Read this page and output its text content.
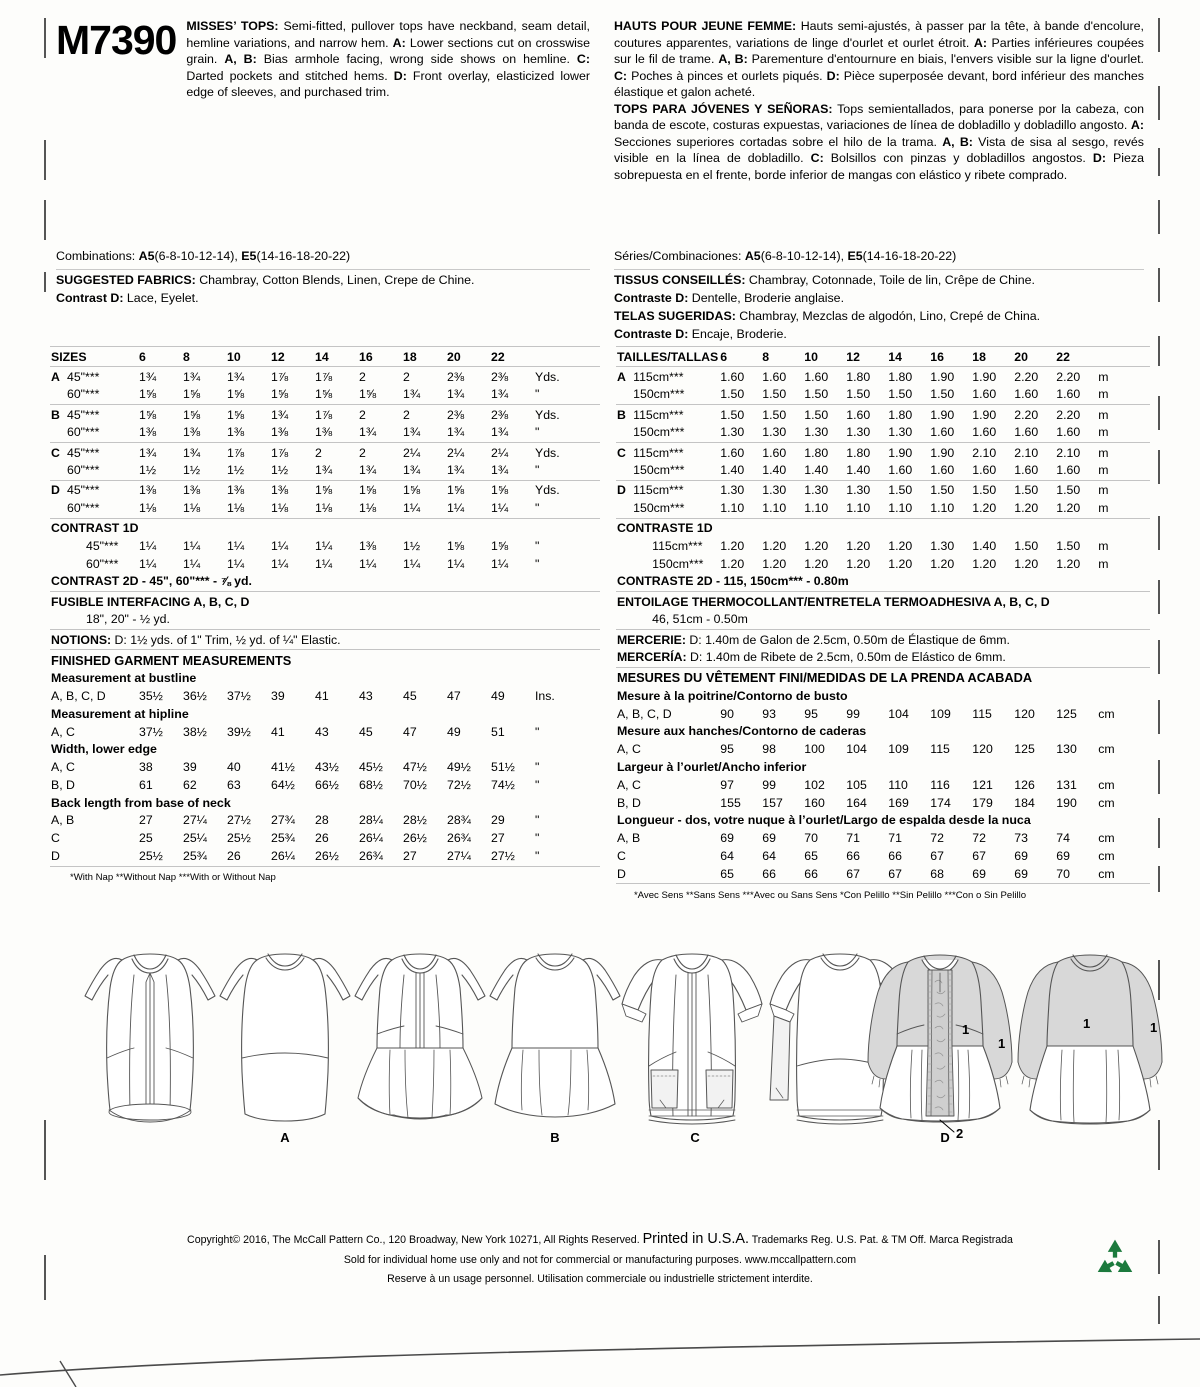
M7390 MISSES’ TOPS: Semi-fitted, pullover tops have neckband, seam detail, hemline variations, and narrow hem. A: Lower sections cut on crosswise grain. A, B: Bias armhole facing, wrong side shows on hemline. C: Darted pockets and stitched hems. D: Front overlay, elasticized lower edge of sleeves, and purchased trim.
HAUTS POUR JEUNE FEMME: Hauts semi-ajustés, à passer par la tête, à bande d'encolure, coutures apparentes, variations de linge d'ourlet et ourlet étroit. A: Parties inférieures coupées sur le fil de trame. A, B: Parementure d'entournure en biais, l'envers visible sur la ligne d'ourlet. C: Poches à pinces et ourlets piqués. D: Pièce superposée devant, bord inférieur des manches élastique et galon acheté.
TOPS PARA JÓVENES Y SEÑORAS: Tops semientallados, para ponerse por la cabeza, con banda de escote, costuras expuestas, variaciones de línea de dobladillo y dobladillo angosto. A: Secciones superiores cortadas sobre el hilo de la trama. A, B: Vista de sisa al sesgo, revés visible en la línea de dobladillo. C: Bolsillos con pinzas y dobladillos angostos. D: Pieza sobrepuesta en el frente, borde inferior de mangas con elástico y ribete comprado.
Combinations: A5(6-8-10-12-14), E5(14-16-18-20-22)
SUGGESTED FABRICS: Chambray, Cotton Blends, Linen, Crepe de Chine.
Contrast D: Lace, Eyelet.
Séries/Combinaciones: A5(6-8-10-12-14), E5(14-16-18-20-22)
TISSUS CONSEILLÉS: Chambray, Cotonnade, Toile de lin, Crêpe de Chine.
Contraste D: Dentelle, Broderie anglaise.
TELAS SUGERIDAS: Chambray, Mezclas de algodón, Lino, Crepé de China.
Contraste D: Encaje, Broderie.

SIZES		6	8	10	12	14	16	18	20	22	

A	45"***	1¾	1¾	1¾	1⅞	1⅞	2	2	2⅜	2⅜	Yds.
	60"***	1⅝	1⅝	1⅝	1⅝	1⅝	1⅝	1¾	1¾	1¾	"

B	45"***	1⅝	1⅝	1⅝	1¾	1⅞	2	2	2⅜	2⅜	Yds.
	60"***	1⅜	1⅜	1⅜	1⅜	1⅜	1¾	1¾	1¾	1¾	"

C	45"***	1¾	1¾	1⅞	1⅞	2	2	2¼	2¼	2¼	Yds.
	60"***	1½	1½	1½	1½	1¾	1¾	1¾	1¾	1¾	"

D	45"***	1⅜	1⅜	1⅜	1⅜	1⅝	1⅝	1⅝	1⅝	1⅝	Yds.
	60"***	1⅛	1⅛	1⅛	1⅛	1⅛	1⅛	1¼	1¼	1¼	"

CONTRAST 1D											
	45"***	1¼	1¼	1¼	1¼	1¼	1⅜	1½	1⅝	1⅝	"
	60"***	1¼	1¼	1¼	1¼	1¼	1¼	1¼	1¼	1¼	"
CONTRAST 2D - 45", 60"*** - ⅞ yd.											

FUSIBLE INTERFACING A, B, C, D											
	18", 20" - ½ yd.										

NOTIONS: D: 1½ yds. of 1" Trim, ½ yd. of ¼" Elastic.											

FINISHED GARMENT MEASUREMENTS											
Measurement at bustline											
A, B, C, D		35½	36½	37½	39	41	43	45	47	49	Ins.
Measurement at hipline											
A, C		37½	38½	39½	41	43	45	47	49	51	"
Width, lower edge											
A, C		38	39	40	41½	43½	45½	47½	49½	51½	"
B, D		61	62	63	64½	66½	68½	70½	72½	74½	"
Back length from base of neck											
A, B		27	27¼	27½	27¾	28	28¼	28½	28¾	29	"
C		25	25¼	25½	25¾	26	26¼	26½	26¾	27	"
D		25½	25¾	26	26¼	26½	26¾	27	27¼	27½	"

*With Nap **Without Nap ***With or Without Nap

TAILLES/TALLAS		6	8	10	12	14	16	18	20	22	

A	115cm***	1.60	1.60	1.60	1.80	1.80	1.90	1.90	2.20	2.20	m
	150cm***	1.50	1.50	1.50	1.50	1.50	1.50	1.60	1.60	1.60	m

B	115cm***	1.50	1.50	1.50	1.60	1.80	1.90	1.90	2.20	2.20	m
	150cm***	1.30	1.30	1.30	1.30	1.30	1.60	1.60	1.60	1.60	m

C	115cm***	1.60	1.60	1.80	1.80	1.90	1.90	2.10	2.10	2.10	m
	150cm***	1.40	1.40	1.40	1.40	1.60	1.60	1.60	1.60	1.60	m

D	115cm***	1.30	1.30	1.30	1.30	1.50	1.50	1.50	1.50	1.50	m
	150cm***	1.10	1.10	1.10	1.10	1.10	1.10	1.20	1.20	1.20	m

CONTRASTE 1D											
	115cm***	1.20	1.20	1.20	1.20	1.20	1.30	1.40	1.50	1.50	m
	150cm***	1.20	1.20	1.20	1.20	1.20	1.20	1.20	1.20	1.20	m
CONTRASTE 2D - 115, 150cm*** - 0.80m											

ENTOILAGE THERMOCOLLANT/ENTRETELA TERMOADHESIVA A, B, C, D											
	46, 51cm - 0.50m										

MERCERIE: D: 1.40m de Galon de 2.5cm, 0.50m de Élastique de 6mm.											
MERCERÍA: D: 1.40m de Ribete de 2.5cm, 0.50m de Elástico de 6mm.											

MESURES DU VÊTEMENT FINI/MEDIDAS DE LA PRENDA ACABADA											
Mesure à la poitrine/Contorno de busto											
A, B, C, D		90	93	95	99	104	109	115	120	125	cm
Mesure aux hanches/Contorno de caderas											
A, C		95	98	100	104	109	115	120	125	130	cm
Largeur à l’ourlet/Ancho inferior											
A, C		97	99	102	105	110	116	121	126	131	cm
B, D		155	157	160	164	169	174	179	184	190	cm
Longueur - dos, votre nuque à l’ourlet/Largo de espalda desde la nuca											
A, B		69	69	70	71	71	72	72	73	74	cm
C		64	64	65	66	66	67	67	69	69	cm
D		65	66	66	67	67	68	69	69	70	cm

*Avec Sens **Sans Sens ***Avec ou Sans Sens *Con Pelillo **Sin Pelillo ***Con o Sin Pelillo
A	B	C
1
1
2
1	1
D
Copyright© 2016, The McCall Pattern Co., 120 Broadway, New York 10271, All Rights Reserved. Printed in U.S.A. Trademarks Reg. U.S. Pat. & TM Off. Marca Registrada
Sold for individual home use only and not for commercial or manufacturing purposes. www.mccallpattern.com
Reserve à un usage personnel. Utilisation commerciale ou industrielle strictement interdite.
